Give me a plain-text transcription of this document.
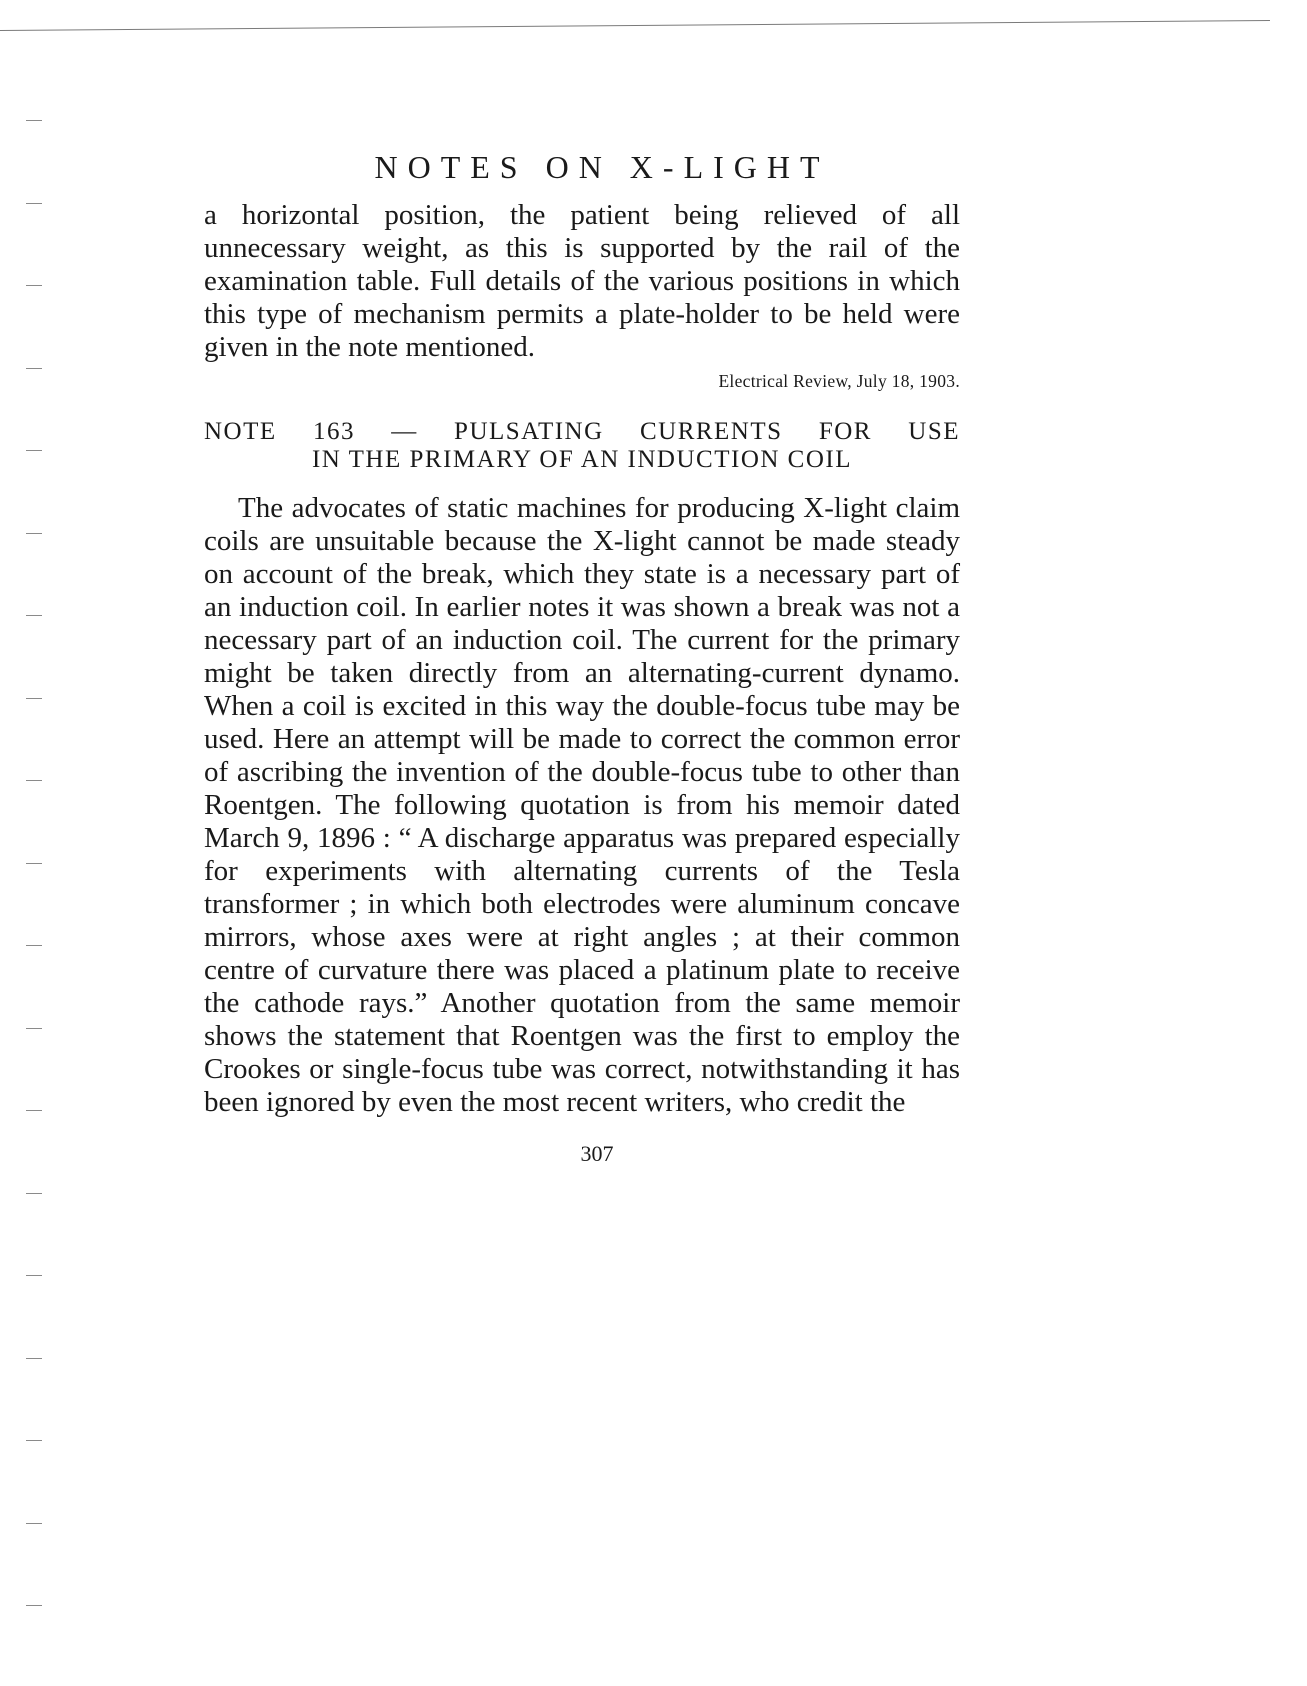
NOTES ON X-LIGHT

a horizontal position, the patient being relieved of all unnecessary weight, as this is supported by the rail of the examination table. Full details of the various positions in which this type of mechanism permits a plate-holder to be held were given in the note mentioned.

Electrical Review, July 18, 1903.
NOTE 163 — PULSATING CURRENTS FOR USE
IN THE PRIMARY OF AN INDUCTION COIL

The advocates of static machines for producing X-light claim coils are unsuitable because the X-light cannot be made steady on account of the break, which they state is a necessary part of an induction coil. In earlier notes it was shown a break was not a necessary part of an induction coil. The current for the primary might be taken directly from an alternating-current dynamo. When a coil is excited in this way the double-focus tube may be used. Here an attempt will be made to correct the common error of ascribing the invention of the double-focus tube to other than Roentgen. The following quotation is from his memoir dated March 9, 1896 : “ A discharge apparatus was prepared especially for experiments with alternating currents of the Tesla transformer ; in which both electrodes were aluminum concave mirrors, whose axes were at right angles ; at their common centre of curvature there was placed a platinum plate to receive the cathode rays.” Another quotation from the same memoir shows the statement that Roentgen was the first to employ the Crookes or single-focus tube was correct, notwithstanding it has been ignored by even the most recent writers, who credit the

307
